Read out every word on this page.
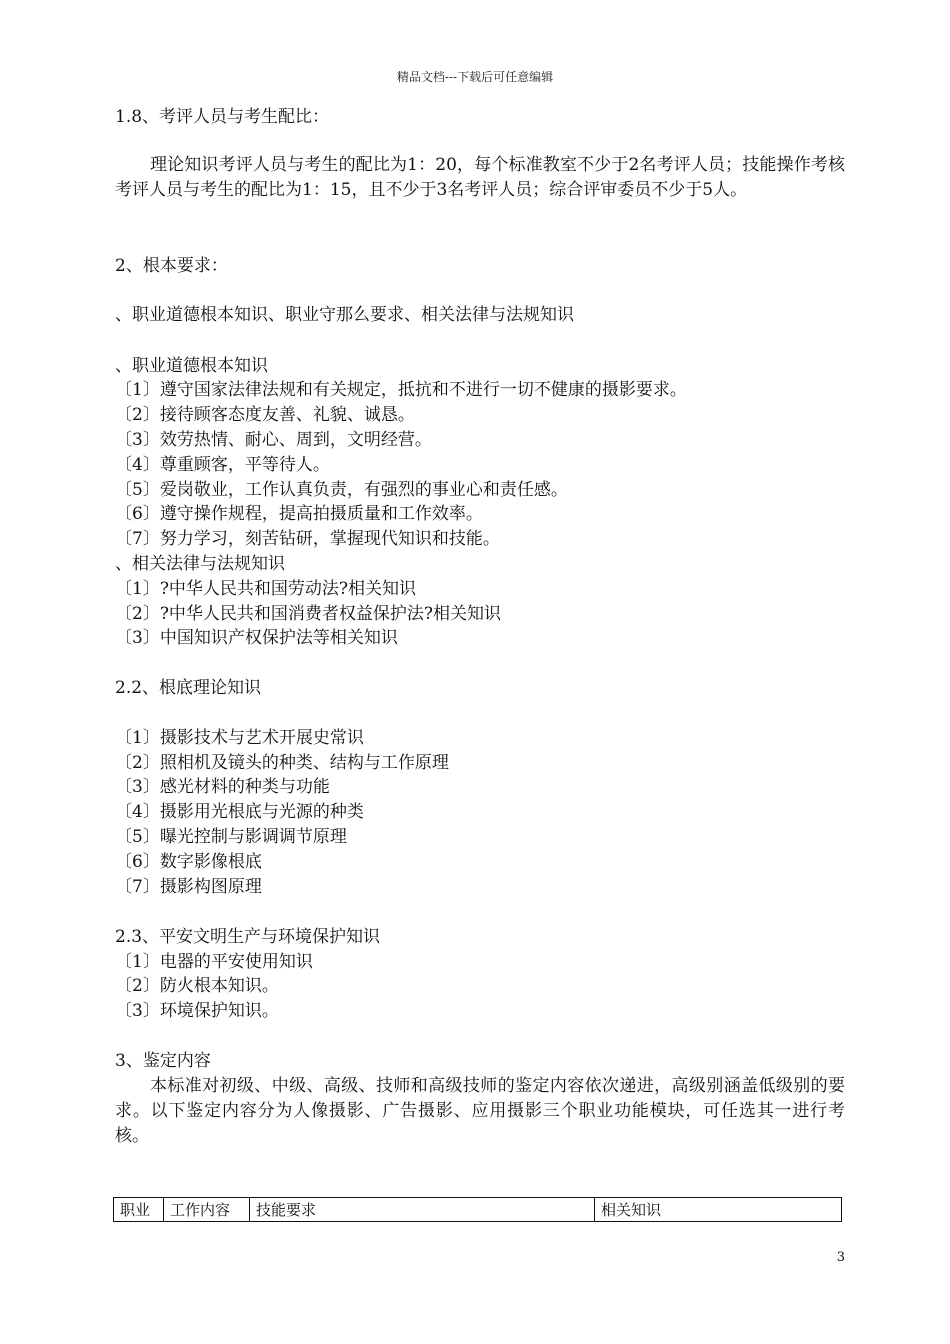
精品文档---下载后可任意编辑
1.8、考评人员与考生配比：
理论知识考评人员与考生的配比为1：20，每个标准教室不少于2名考评人员；技能操作考核考评人员与考生的配比为1：15，且不少于3名考评人员；综合评审委员不少于5人。
2、根本要求：
、职业道德根本知识、职业守那么要求、相关法律与法规知识
、职业道德根本知识
〔1〕遵守国家法律法规和有关规定，抵抗和不进行一切不健康的摄影要求。
〔2〕接待顾客态度友善、礼貌、诚恳。
〔3〕效劳热情、耐心、周到，文明经营。
〔4〕尊重顾客，平等待人。
〔5〕爱岗敬业，工作认真负责，有强烈的事业心和责任感。
〔6〕遵守操作规程，提高拍摄质量和工作效率。
〔7〕努力学习，刻苦钻研，掌握现代知识和技能。
、相关法律与法规知识
〔1〕?中华人民共和国劳动法?相关知识
〔2〕?中华人民共和国消费者权益保护法?相关知识
〔3〕中国知识产权保护法等相关知识
2.2、根底理论知识
〔1〕摄影技术与艺术开展史常识
〔2〕照相机及镜头的种类、结构与工作原理
〔3〕感光材料的种类与功能
〔4〕摄影用光根底与光源的种类
〔5〕曝光控制与影调调节原理
〔6〕数字影像根底
〔7〕摄影构图原理
2.3、平安文明生产与环境保护知识
〔1〕电器的平安使用知识
〔2〕防火根本知识。
〔3〕环境保护知识。
3、鉴定内容
本标准对初级、中级、高级、技师和高级技师的鉴定内容依次递进，高级别涵盖低级别的要求。以下鉴定内容分为人像摄影、广告摄影、应用摄影三个职业功能模块，可任选其一进行考核。
职业	工作内容	技能要求	相关知识
3
